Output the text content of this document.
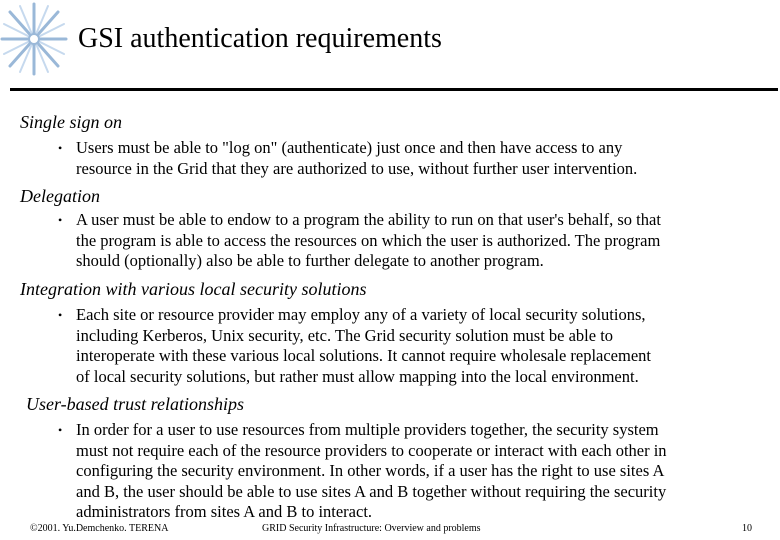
GSI authentication requirements
Single sign on
• Users must be able to "log on" (authenticate) just once and then have access to any
resource in the Grid that they are authorized to use, without further user intervention.
Delegation
• A user must be able to endow to a program the ability to run on that user's behalf, so that
the program is able to access the resources on which the user is authorized. The program
should (optionally) also be able to further delegate to another program.
Integration with various local security solutions
• Each site or resource provider may employ any of a variety of local security solutions,
including Kerberos, Unix security, etc. The Grid security solution must be able to
interoperate with these various local solutions. It cannot require wholesale replacement
of local security solutions, but rather must allow mapping into the local environment.
User-based trust relationships
• In order for a user to use resources from multiple providers together, the security system
must not require each of the resource providers to cooperate or interact with each other in
configuring the security environment. In other words, if a user has the right to use sites A
and B, the user should be able to use sites A and B together without requiring the security
administrators from sites A and B to interact.
©2001. Yu.Demchenko. TERENA	GRID Security Infrastructure: Overview and problems	10
